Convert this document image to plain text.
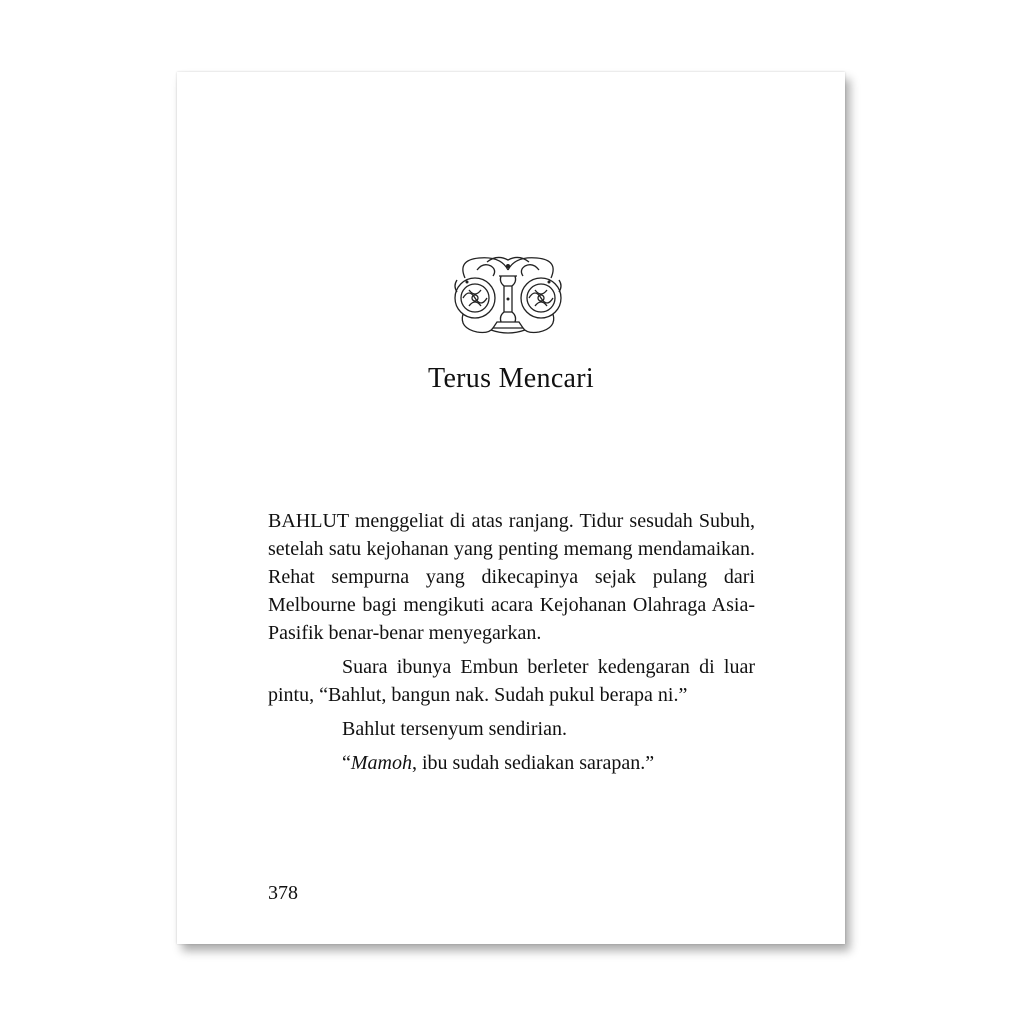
Terus Mencari

BAHLUT menggeliat di atas ranjang. Tidur sesudah Subuh, setelah satu kejohanan yang penting memang mendamaikan. Rehat sempurna yang dikecapinya sejak pulang dari Melbourne bagi mengikuti acara Kejohanan Olahraga Asia-Pasifik benar-benar menyegarkan.

Suara ibunya Embun berleter kedengaran di luar pintu, “Bahlut, bangun nak. Sudah pukul berapa ni.”

Bahlut tersenyum sendirian.

“Mamoh, ibu sudah sediakan sarapan.”

378
